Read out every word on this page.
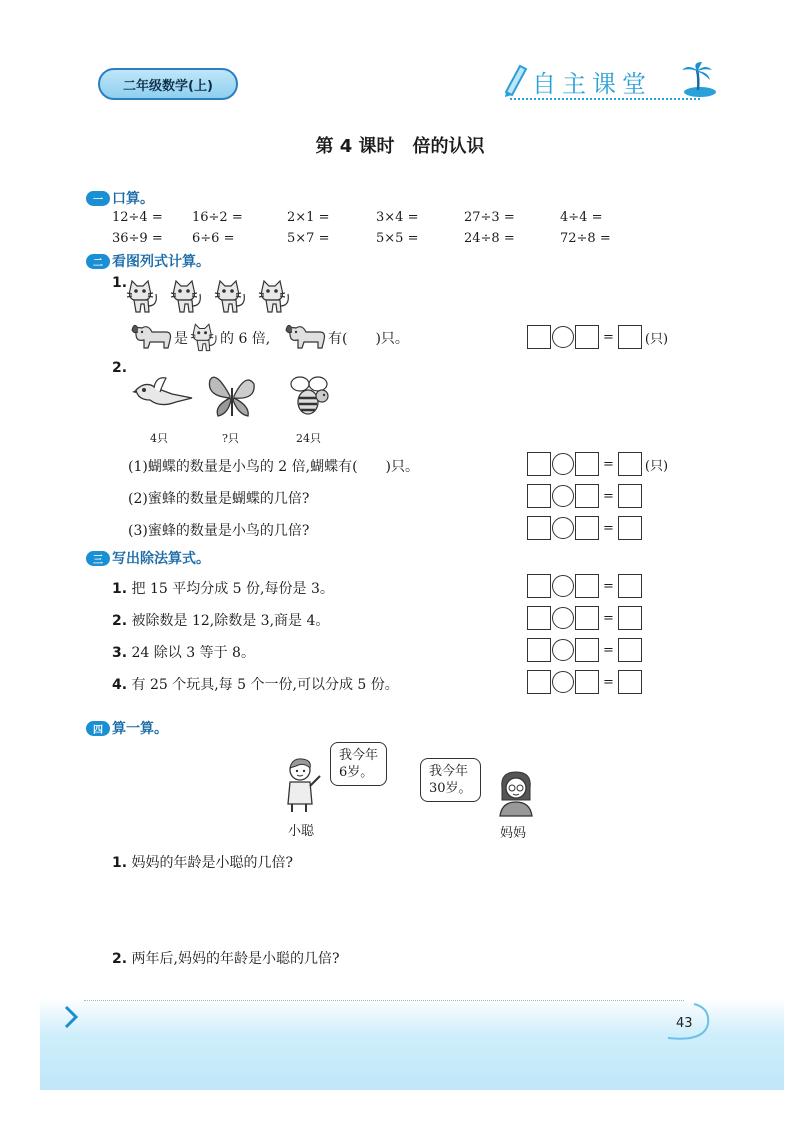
二年级数学(上)	自主课堂
第 4 课时　倍的认识
一 口算。
12÷4 = 16÷2 =	2×1 =	3×4 =	27÷3 =	4÷4 =
36÷9 = 6÷6 =	5×7 =	5×5 =	24÷8 =	72÷8 =
二 看图列式计算。
1.
是 的 6 倍,	有(　　)只。	= (只)
2.
4只	?只	24只
(1)蝴蝶的数量是小鸟的 2 倍,蝴蝶有(　　)只。	= (只)
(2)蜜蜂的数量是蝴蝶的几倍?	=
(3)蜜蜂的数量是小鸟的几倍?	=
三 写出除法算式。
1. 把 15 平均分成 5 份,每份是 3。	=
2. 被除数是 12,除数是 3,商是 4。	=
3. 24 除以 3 等于 8。	=
4. 有 25 个玩具,每 5 个一份,可以分成 5 份。	=
四 算一算。
我今年
6岁。	我今年
30岁。
小聪	妈妈
1. 妈妈的年龄是小聪的几倍?
2. 两年后,妈妈的年龄是小聪的几倍?
43
